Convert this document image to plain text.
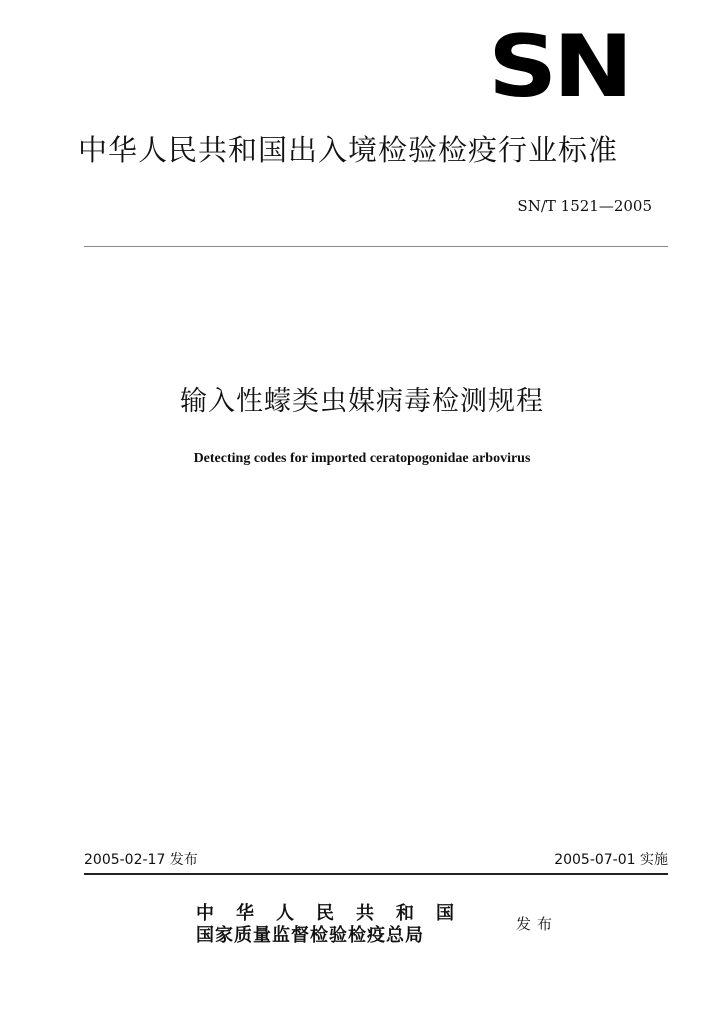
SN
中华人民共和国出入境检验检疫行业标准
SN/T 1521—2005
输入性蠓类虫媒病毒检测规程
Detecting codes for imported ceratopogonidae arbovirus
2005-02-17 发布	2005-07-01 实施
中华人民共和国
国家质量监督检验检疫总局
发布
